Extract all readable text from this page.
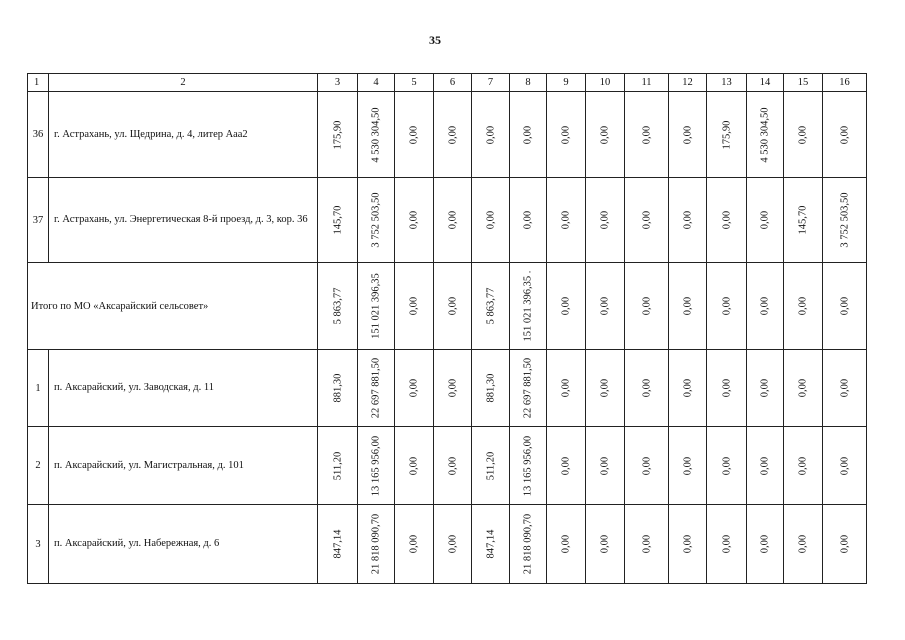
35
1	2	3	4	5	6	7	8	9	10	11	12	13	14	15	16
36	г. Астрахань, ул. Щедрина, д. 4, литер Ааа2	175,90	4 530 304,50	0,00	0,00	0,00	0,00	0,00	0,00	0,00	0,00	175,90	4 530 304,50	0,00	0,00

37	г. Астрахань, ул. Энергетическая 8-й проезд, д. 3, кор. 36	145,70	3 752 503,50	0,00	0,00	0,00	0,00	0,00	0,00	0,00	0,00	0,00	0,00	145,70	3 752 503,50

Итого по МО «Аксарайский сельсовет»		5 863,77	151 021 396,35	0,00	0,00	5 863,77	151 021 396,35 .	0,00	0,00	0,00	0,00	0,00	0,00	0,00	0,00

1	п. Аксарайский, ул. Заводская, д. 11	881,30	22 697 881,50	0,00	0,00	881,30	22 697 881,50	0,00	0,00	0,00	0,00	0,00	0,00	0,00	0,00

2	п. Аксарайский, ул. Магистральная, д. 101	511,20	13 165 956,00	0,00	0,00	511,20	13 165 956,00	0,00	0,00	0,00	0,00	0,00	0,00	0,00	0,00

3	п. Аксарайский, ул. Набережная, д. 6	847,14	21 818 090,70	0,00	0,00	847,14	21 818 090,70	0,00	0,00	0,00	0,00	0,00	0,00	0,00	0,00
